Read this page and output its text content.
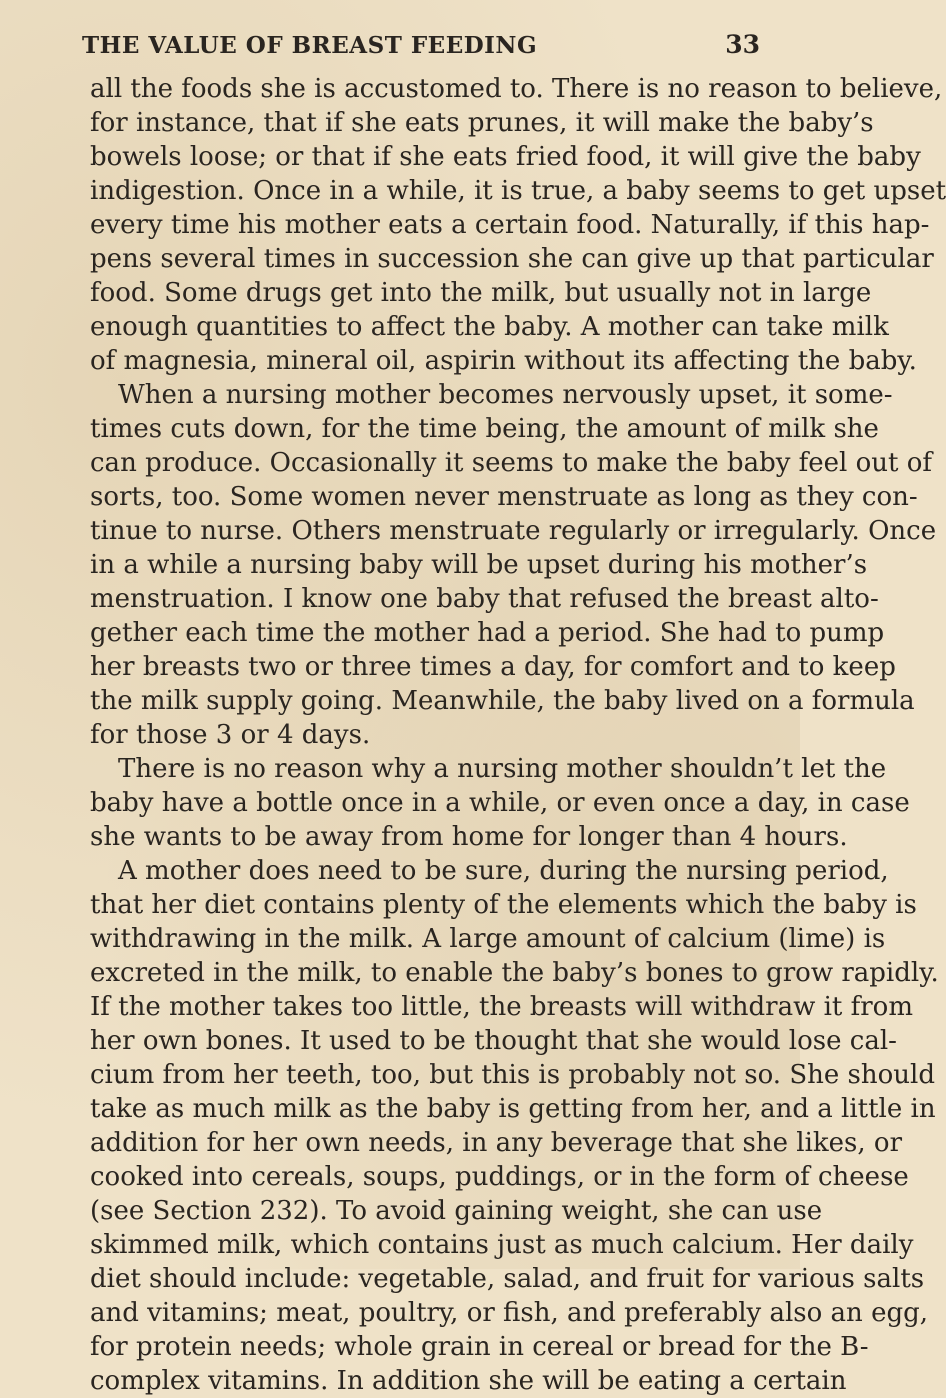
THE VALUE OF BREAST FEEDING	33
all the foods she is accustomed to. There is no reason to believe,
for instance, that if she eats prunes, it will make the baby’s
bowels loose; or that if she eats fried food, it will give the baby
indigestion. Once in a while, it is true, a baby seems to get upset
every time his mother eats a certain food. Naturally, if this hap-
pens several times in succession she can give up that particular
food. Some drugs get into the milk, but usually not in large
enough quantities to affect the baby. A mother can take milk
of magnesia, mineral oil, aspirin without its affecting the baby.
When a nursing mother becomes nervously upset, it some-
times cuts down, for the time being, the amount of milk she
can produce. Occasionally it seems to make the baby feel out of
sorts, too. Some women never menstruate as long as they con-
tinue to nurse. Others menstruate regularly or irregularly. Once
in a while a nursing baby will be upset during his mother’s
menstruation. I know one baby that refused the breast alto-
gether each time the mother had a period. She had to pump
her breasts two or three times a day, for comfort and to keep
the milk supply going. Meanwhile, the baby lived on a formula
for those 3 or 4 days.
There is no reason why a nursing mother shouldn’t let the
baby have a bottle once in a while, or even once a day, in case
she wants to be away from home for longer than 4 hours.
A mother does need to be sure, during the nursing period,
that her diet contains plenty of the elements which the baby is
withdrawing in the milk. A large amount of calcium (lime) is
excreted in the milk, to enable the baby’s bones to grow rapidly.
If the mother takes too little, the breasts will withdraw it from
her own bones. It used to be thought that she would lose cal-
cium from her teeth, too, but this is probably not so. She should
take as much milk as the baby is getting from her, and a little in
addition for her own needs, in any beverage that she likes, or
cooked into cereals, soups, puddings, or in the form of cheese
(see Section 232). To avoid gaining weight, she can use
skimmed milk, which contains just as much calcium. Her daily
diet should include: vegetable, salad, and fruit for various salts
and vitamins; meat, poultry, or fish, and preferably also an egg,
for protein needs; whole grain in cereal or bread for the B-
complex vitamins. In addition she will be eating a certain
